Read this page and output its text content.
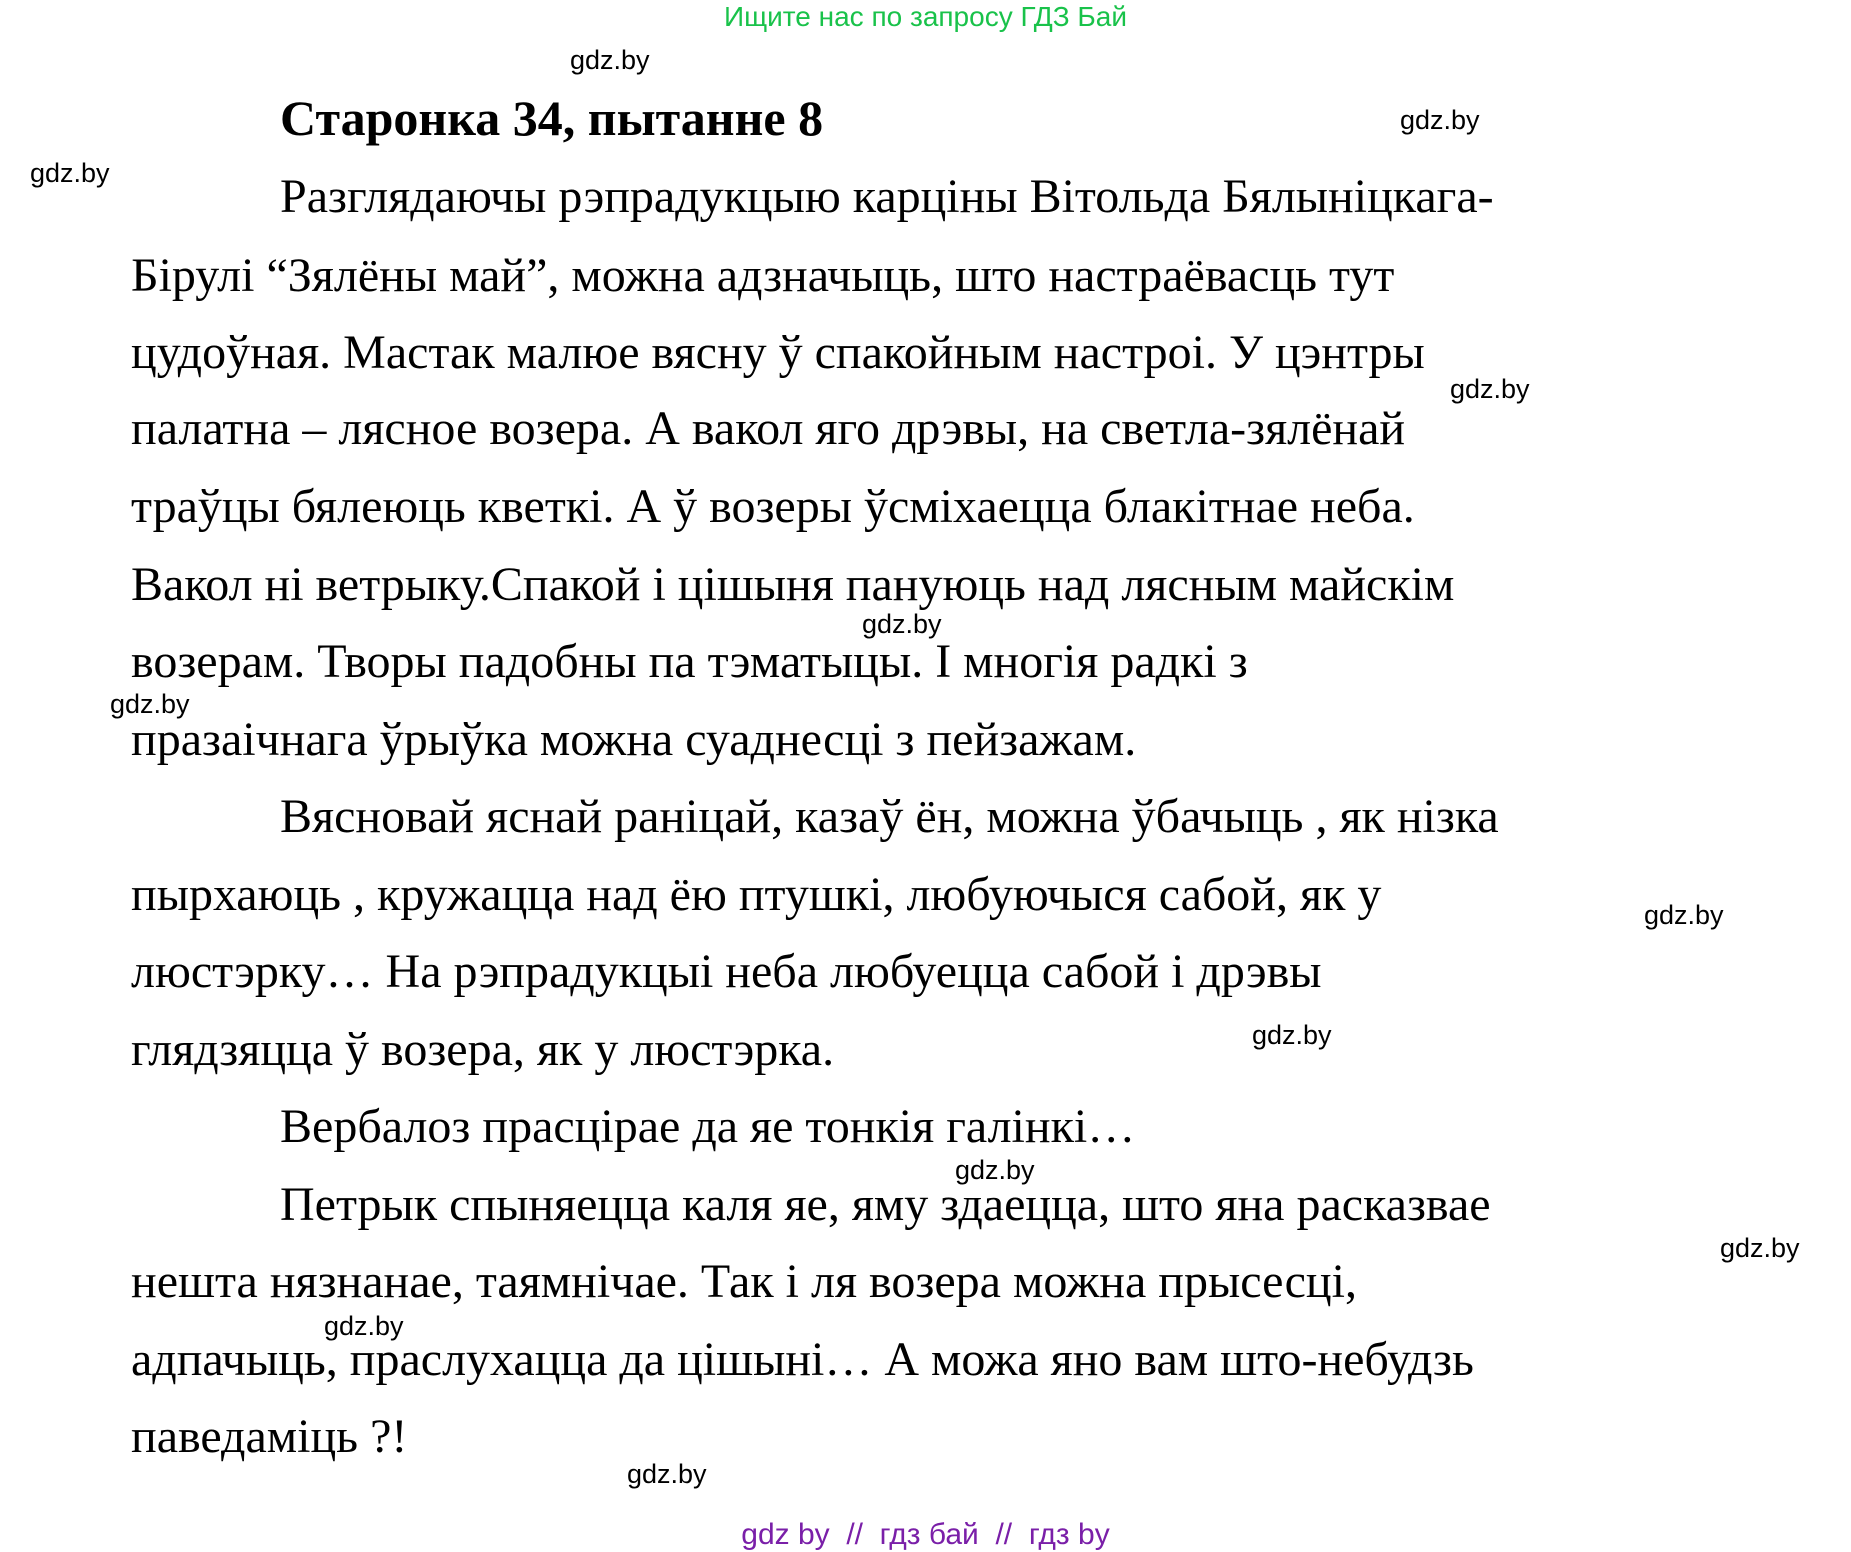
Ищите нас по запросу ГДЗ Бай
Старонка 34, пытанне 8
Разглядаючы рэпрадукцыю карціны Вітольда Бялыніцкага-
Бірулі “Зялёны май”, можна адзначыць, што настраёвасць тут
цудоўная. Мастак малюе вясну ў спакойным настроі. У цэнтры
палатна – лясное возера. А вакол яго дрэвы, на светла-зялёнай
траўцы бялеюць кветкі. А ў возеры ўсміхаецца блакітнае неба.
Вакол ні ветрыку.Спакой і цішыня пануюць над лясным майскім
возерам. Творы падобны па тэматыцы. І многія радкі з
празаічнага ўрыўка можна суаднесці з пейзажам.
Вясновай яснай раніцай, казаў ён, можна ўбачыць , як нізка
пырхаюць , кружацца над ёю птушкі, любуючыся сабой, як у
люстэрку… На рэпрадукцыі неба любуецца сабой і дрэвы
глядзяцца ў возера, як у люстэрка.
Вербалоз прасцірае да яе тонкія галінкі…
Петрык спыняецца каля яе, яму здаецца, што яна расказвае
нешта нязнанае, таямнічае. Так і ля возера можна прысесці,
адпачыць, праслухацца да цішыні… А можа яно вам што-небудзь
паведаміць ?!
gdz.by
gdz.by
gdz.by
gdz.by
gdz.by
gdz.by
gdz.by
gdz.by
gdz.by
gdz.by
gdz.by
gdz.by
gdz by  //  гдз бай  //  гдз by
